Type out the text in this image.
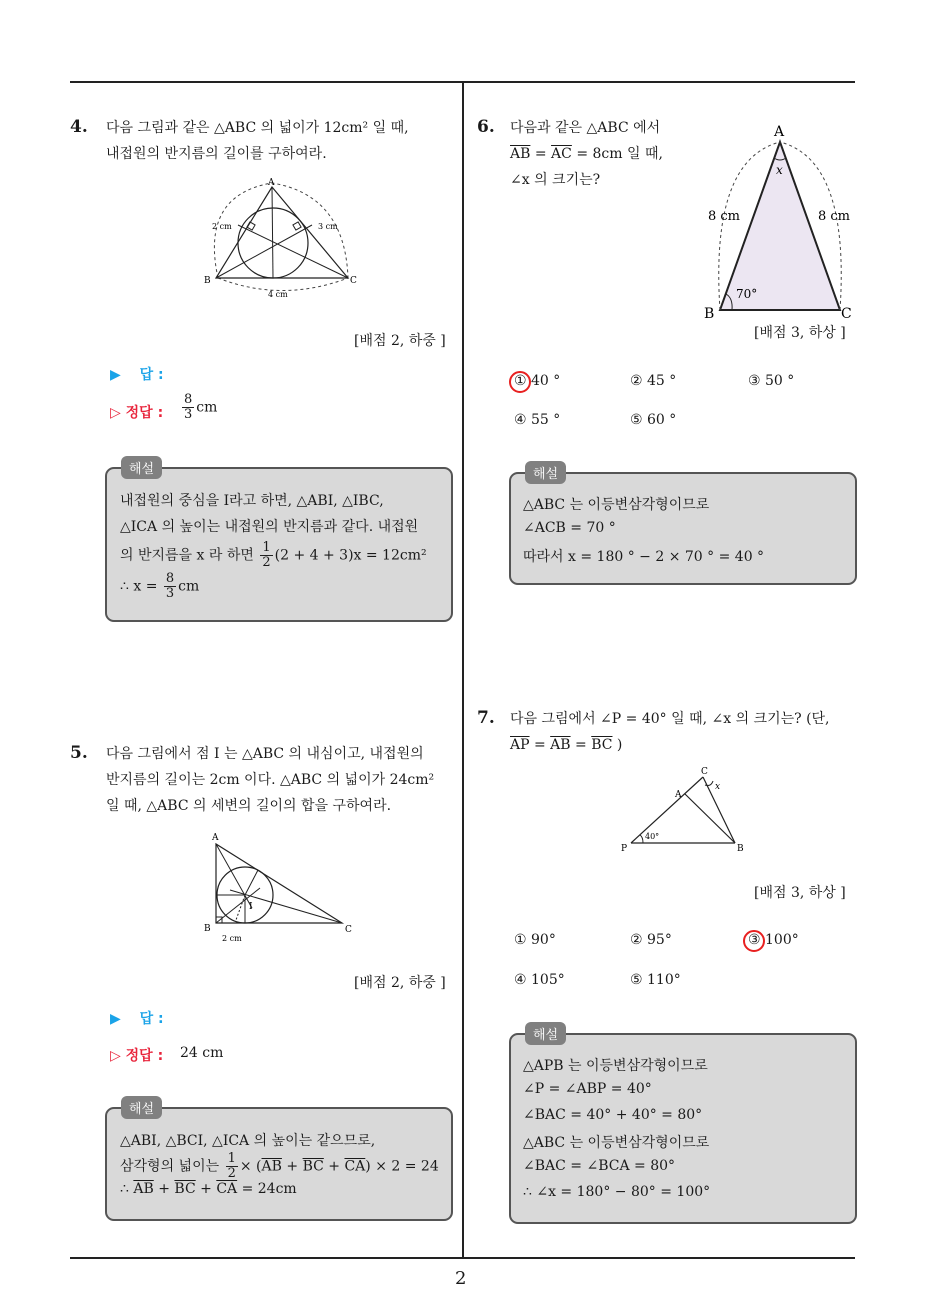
2
4. 다음 그림과 같은 △ABC 의 넓이가 12cm² 일 때,
내접원의 반지름의 길이를 구하여라.
A
B	C
2 cm	3 cm
4 cm
[배점 2, 하중 ]
▶ 답 :
▷ 정답 : $\frac{8}{3}$ cm
해설
내접원의 중심을 I라고 하면, △ABI, △IBC,
△ICA 의 높이는 내접원의 반지름과 같다. 내접원
의 반지름을 x 라 하면 $\frac{1}{2} (2 + 4 + 3)x = 12cm^2$
∴ $x = \frac{8}{3}$ cm
5. 다음 그림에서 점 I 는 △ABC 의 내심이고, 내접원의
반지름의 길이는 2cm 이다. △ABC 의 넓이가 24cm²
일 때, △ABC 의 세변의 길이의 합을 구하여라.
A
B	C
I
2 cm
[배점 2, 하중 ]
▶ 답 :
▷ 정답 : 24 cm
해설
△ABI, △BCI, △ICA 의 높이는 같으므로,
삼각형의 넓이는 $\frac{1}{2} \times (\overline{AB} + \overline{BC} + \overline{CA}) \times 2 = 24$
∴ $\overline{AB} + \overline{BC} + \overline{CA} = 24cm$
6. 다음과 같은 △ABC 에서
$\overline{AB} = \overline{AC} = 8cm$ 일 때,
∠x 의 크기는?
A
B	C
x
8 cm	8 cm
70°
[배점 3, 하상 ]
① 40 °	② 45 °	③ 50 °
④ 55 °	⑤ 60 °
해설
△ABC 는 이등변삼각형이므로
∠ACB = 70 °
따라서 x = 180 ° − 2 × 70 ° = 40 °
7. 다음 그림에서 ∠P = 40° 일 때, ∠x 의 크기는? (단,
$\overline{AP} = \overline{AB} = \overline{BC}$ )
C
A
P	B
x
40°
[배점 3, 하상 ]
① 90°	② 95°	③ 100°
④ 105°	⑤ 110°
해설
△APB 는 이등변삼각형이므로
∠P = ∠ABP = 40°
∠BAC = 40° + 40° = 80°
△ABC 는 이등변삼각형이므로
∠BAC = ∠BCA = 80°
∴ ∠x = 180° − 80° = 100°
